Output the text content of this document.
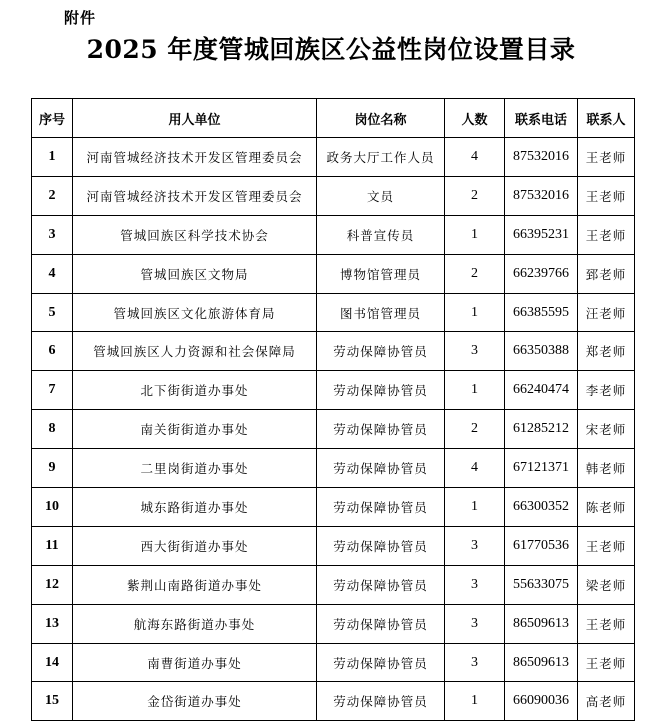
附件
2025 年度管城回族区公益性岗位设置目录
序号	用人单位	岗位名称	人数	联系电话	联系人
1	河南管城经济技术开发区管理委员会	政务大厅工作人员	4	87532016	王老师
2	河南管城经济技术开发区管理委员会	文员	2	87532016	王老师
3	管城回族区科学技术协会	科普宣传员	1	66395231	王老师
4	管城回族区文物局	博物馆管理员	2	66239766	郅老师
5	管城回族区文化旅游体育局	图书馆管理员	1	66385595	汪老师
6	管城回族区人力资源和社会保障局	劳动保障协管员	3	66350388	郑老师
7	北下街街道办事处	劳动保障协管员	1	66240474	李老师
8	南关街街道办事处	劳动保障协管员	2	61285212	宋老师
9	二里岗街道办事处	劳动保障协管员	4	67121371	韩老师
10	城东路街道办事处	劳动保障协管员	1	66300352	陈老师
11	西大街街道办事处	劳动保障协管员	3	61770536	王老师
12	紫荆山南路街道办事处	劳动保障协管员	3	55633075	梁老师
13	航海东路街道办事处	劳动保障协管员	3	86509613	王老师
14	南曹街道办事处	劳动保障协管员	3	86509613	王老师
15	金岱街道办事处	劳动保障协管员	1	66090036	高老师
